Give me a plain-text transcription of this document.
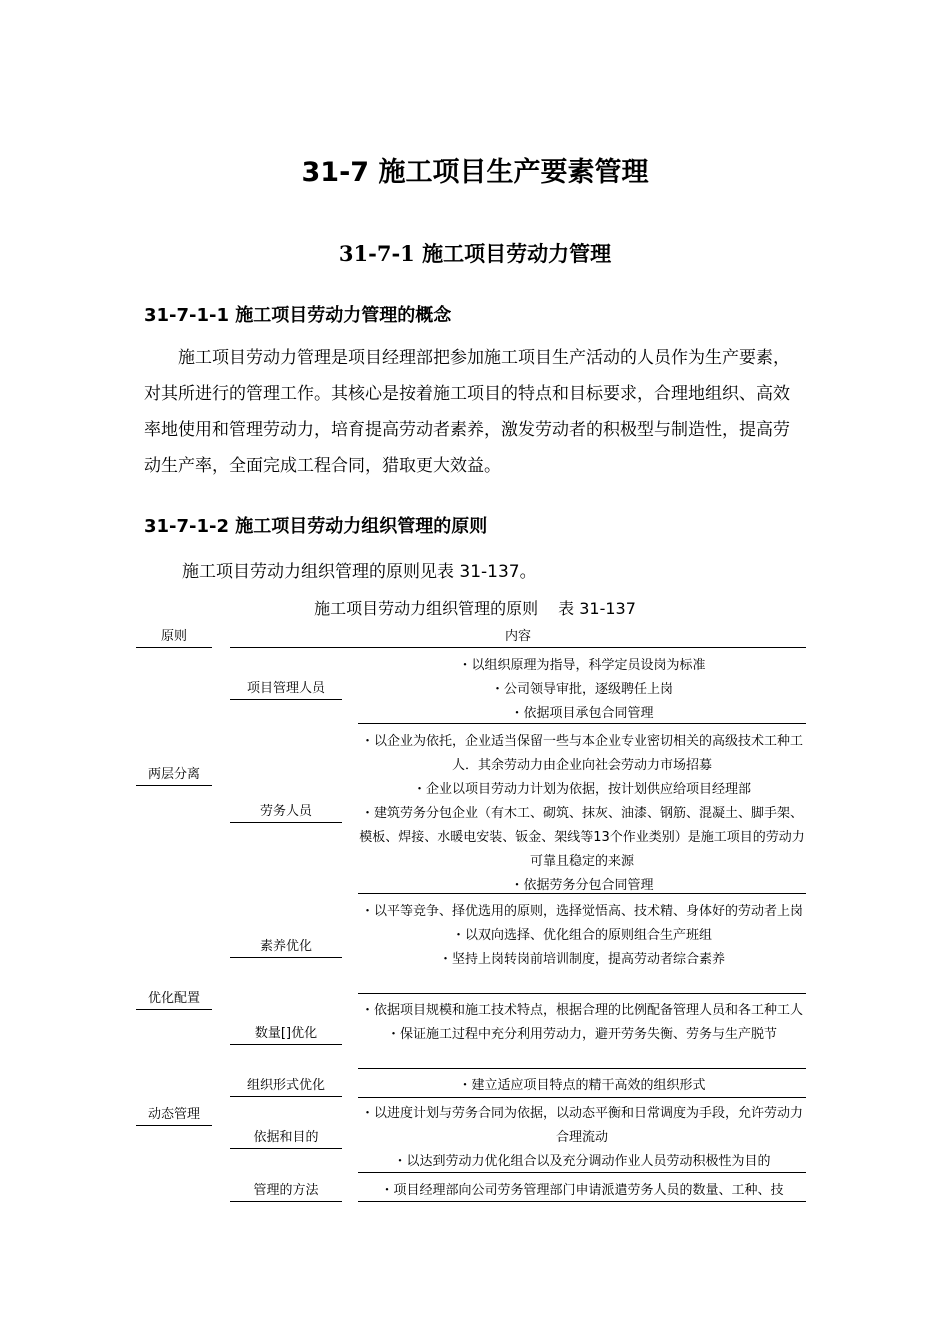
31-7 施工项目生产要素管理
31-7-1 施工项目劳动力管理
31-7-1-1 施工项目劳动力管理的概念

施工项目劳动力管理是项目经理部把参加施工项目生产活动的人员作为生产要素，对其所进行的管理工作。其核心是按着施工项目的特点和目标要求，合理地组织、高效率地使用和管理劳动力，培育提高劳动者素养，激发劳动者的积极型与制造性，提高劳动生产率，全面完成工程合同，猎取更大效益。

31-7-1-2 施工项目劳动力组织管理的原则
施工项目劳动力组织管理的原则见表 31-137。
施工项目劳动力组织管理的原则 表 31-137
原则	内容
两层分离
优化配置
动态管理
项目管理人员
劳务人员
素养优化
数量[]优化
组织形式优化
依据和目的
管理的方法
・以组织原理为指导，科学定员设岗为标准
・公司领导审批，逐级聘任上岗
・依据项目承包合同管理
・以企业为依托，企业适当保留一些与本企业专业密切相关的高级技术工种工人．其余劳动力由企业向社会劳动力市场招募
・企业以项目劳动力计划为依据，按计划供应给项目经理部
・建筑劳务分包企业（有木工、砌筑、抹灰、油漆、钢筋、混凝土、脚手架、模板、焊接、水暖电安装、钣金、架线等13个作业类别）是施工项目的劳动力可靠且稳定的来源
・依据劳务分包合同管理
・以平等竞争、择优选用的原则，选择觉悟高、技术精、身体好的劳动者上岗
・以双向选择、优化组合的原则组合生产班组
・坚持上岗转岗前培训制度，提高劳动者综合素养
・依据项目规模和施工技术特点，根据合理的比例配备管理人员和各工种工人
・保证施工过程中充分利用劳动力，避开劳务失衡、劳务与生产脱节
・建立适应项目特点的精干高效的组织形式
・以进度计划与劳务合同为依据，以动态平衡和日常调度为手段，允许劳动力合理流动
・以达到劳动力优化组合以及充分调动作业人员劳动积极性为目的
・项目经理部向公司劳务管理部门申请派遣劳务人员的数量、工种、技
